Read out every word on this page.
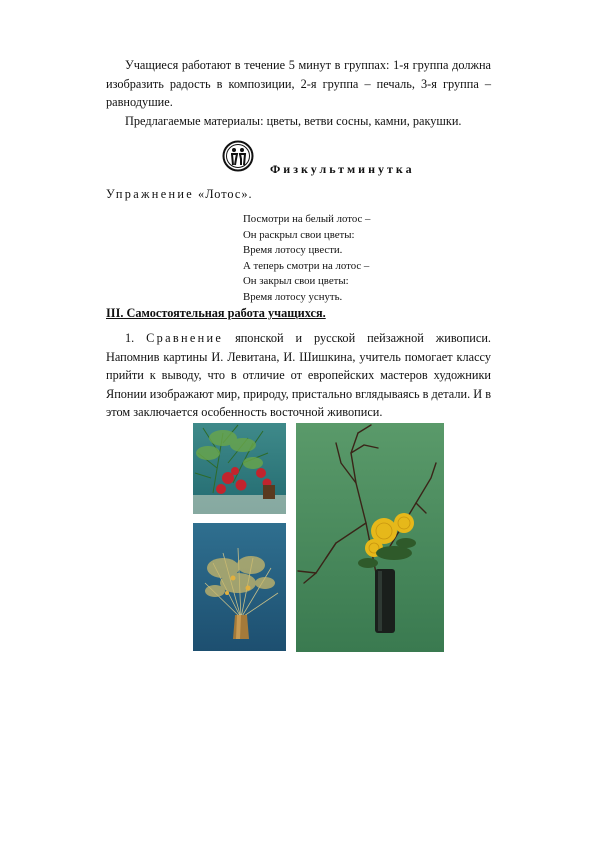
Учащиеся работают в течение 5 минут в группах: 1-я группа должна изобразить радость в композиции, 2-я группа – печаль, 3-я группа – равнодушие.

Предлагаемые материалы: цветы, ветви сосны, камни, ракушки.

Физкультминутка
Упражнение «Лотос».
Посмотри на белый лотос –
Он раскрыл свои цветы:
Время лотосу цвести.
А теперь смотри на лотос –
Он закрыл свои цветы:
Время лотосу уснуть.
III. Самостоятельная работа учащихся.

1. Сравнение японской и русской пейзажной живописи. Напомнив картины И. Левитана, И. Шишкина, учитель помогает классу прийти к выводу, что в отличие от европейских мастеров художники Японии изображают мир, природу, пристально вглядываясь в детали. И в этом заключается особенность восточной живописи.
